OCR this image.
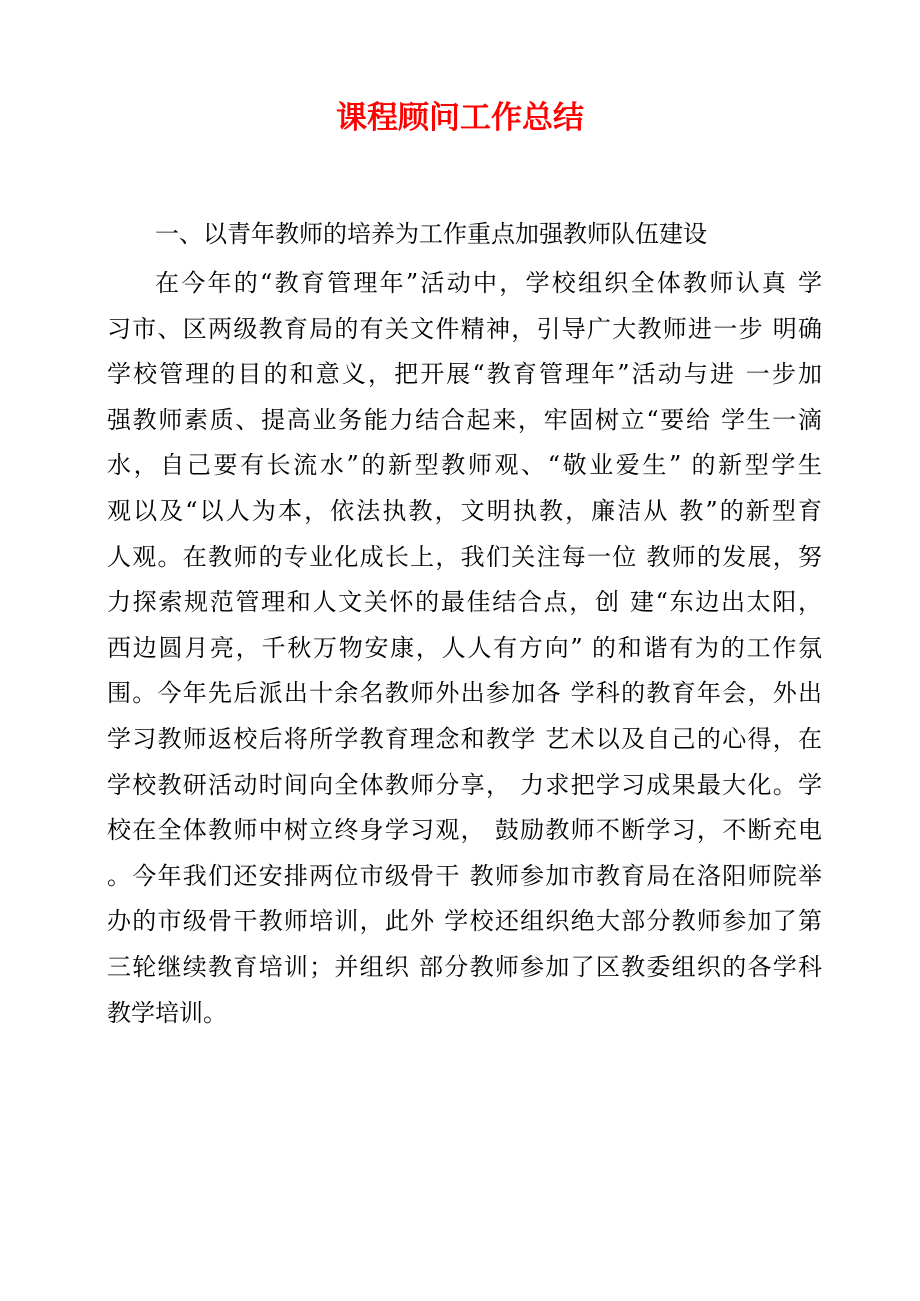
课程顾问工作总结

一、以青年教师的培养为工作重点加强教师队伍建设

在今年的“教育管理年”活动中，学校组织全体教师认真 学
习市、区两级教育局的有关文件精神，引导广大教师进一步 明确
学校管理的目的和意义，把开展“教育管理年”活动与进 一步加
强教师素质、提高业务能力结合起来，牢固树立“要给 学生一滴
水，自己要有长流水”的新型教师观、“敬业爱生” 的新型学生
观以及“以人为本，依法执教，文明执教，廉洁从 教”的新型育
人观。在教师的专业化成长上，我们关注每一位 教师的发展，努
力探索规范管理和人文关怀的最佳结合点，创 建“东边出太阳，
西边圆月亮，千秋万物安康，人人有方向” 的和谐有为的工作氛
围。今年先后派出十余名教师外出参加各 学科的教育年会，外出
学习教师返校后将所学教育理念和教学 艺术以及自己的心得，在
学校教研活动时间向全体教师分享， 力求把学习成果最大化。学
校在全体教师中树立终身学习观， 鼓励教师不断学习，不断充电
。今年我们还安排两位市级骨干 教师参加市教育局在洛阳师院举
办的市级骨干教师培训，此外 学校还组织绝大部分教师参加了第
三轮继续教育培训；并组织 部分教师参加了区教委组织的各学科
教学培训。
